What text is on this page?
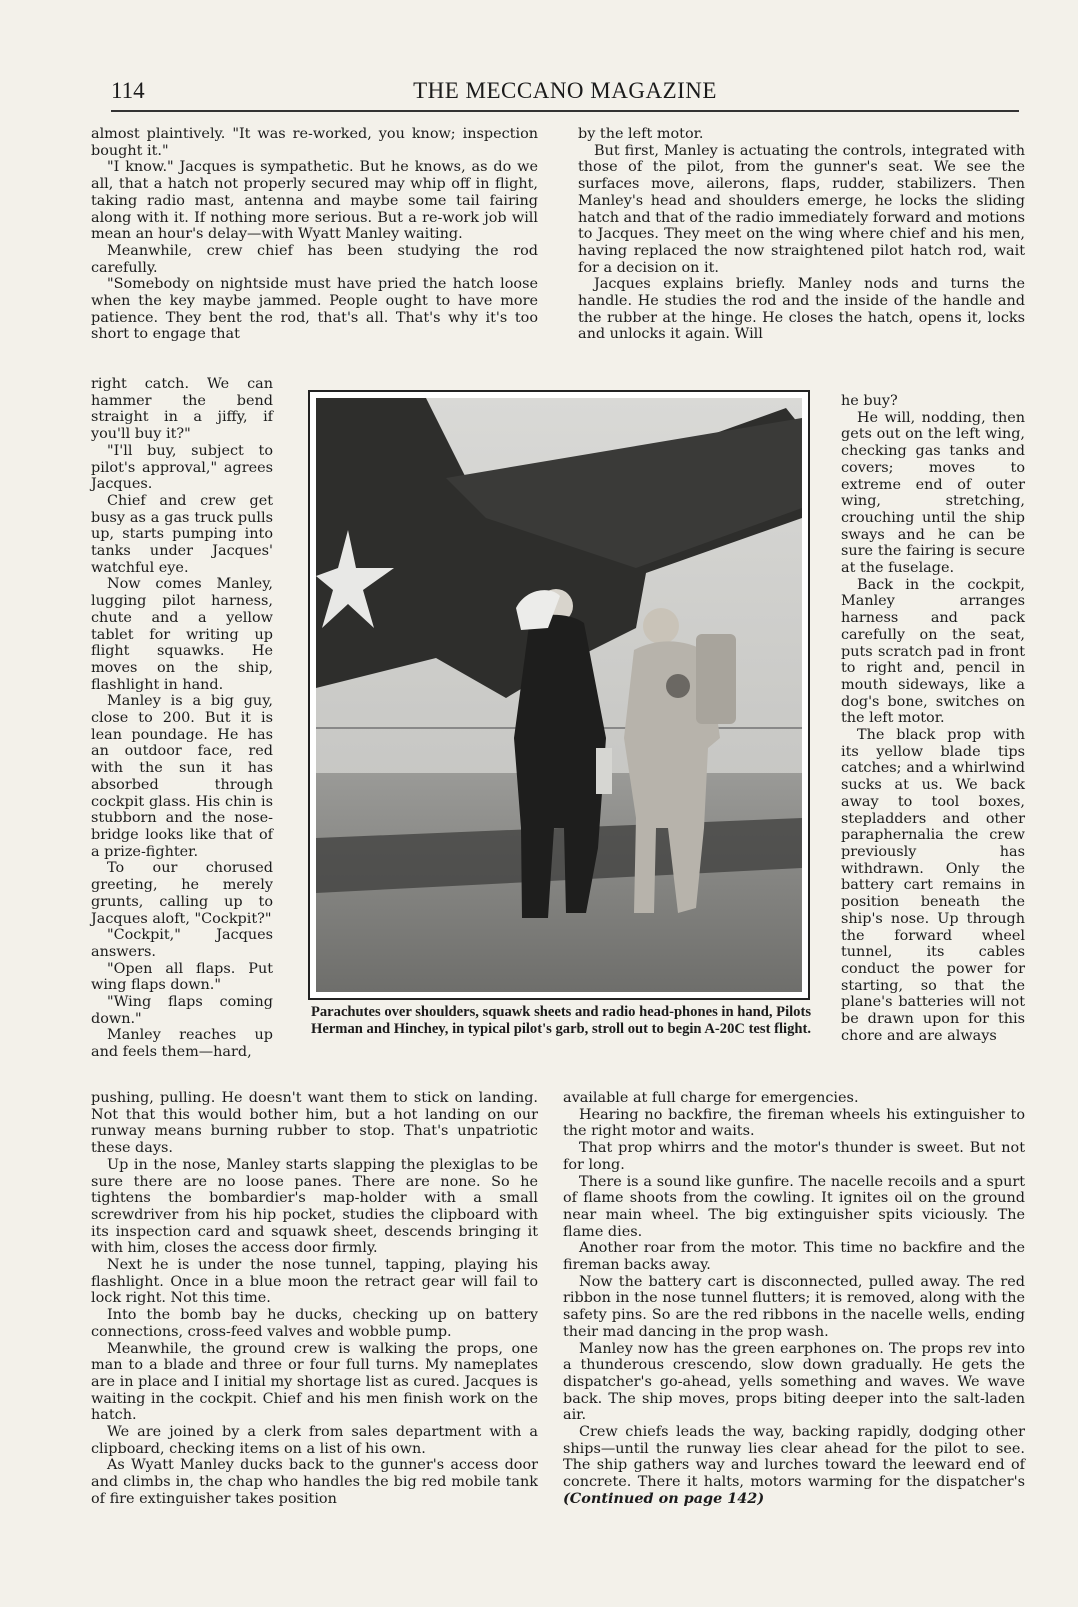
114	THE MECCANO MAGAZINE

almost plaintively. "It was re-worked, you know; inspection bought it."

"I know." Jacques is sympathetic. But he knows, as do we all, that a hatch not properly secured may whip off in flight, taking radio mast, antenna and maybe some tail fairing along with it. If nothing more serious. But a re-work job will mean an hour's delay—with Wyatt Manley waiting.

Meanwhile, crew chief has been studying the rod carefully.

"Somebody on nightside must have pried the hatch loose when the key maybe jammed. People ought to have more patience. They bent the rod, that's all. That's why it's too short to engage that

right catch. We can hammer the bend straight in a jiffy, if you'll buy it?"

"I'll buy, subject to pilot's approval," agrees Jacques.

Chief and crew get busy as a gas truck pulls up, starts pumping into tanks under Jacques' watchful eye.

Now comes Manley, lugging pilot harness, chute and a yellow tablet for writing up flight squawks. He moves on the ship, flashlight in hand.

Manley is a big guy, close to 200. But it is lean poundage. He has an outdoor face, red with the sun it has absorbed through cockpit glass. His chin is stubborn and the nose-bridge looks like that of a prize-fighter.

To our chorused greeting, he merely grunts, calling up to Jacques aloft, "Cockpit?"

"Cockpit," Jacques answers.

"Open all flaps. Put wing flaps down."

"Wing flaps coming down."

Manley reaches up and feels them—hard,

Parachutes over shoulders, squawk sheets and radio head-phones in hand, Pilots Herman and Hinchey, in typical pilot's garb, stroll out to begin A-20C test flight.

pushing, pulling. He doesn't want them to stick on landing. Not that this would bother him, but a hot landing on our runway means burning rubber to stop. That's unpatriotic these days.

Up in the nose, Manley starts slapping the plexiglas to be sure there are no loose panes. There are none. So he tightens the bombardier's map-holder with a small screwdriver from his hip pocket, studies the clipboard with its inspection card and squawk sheet, descends bringing it with him, closes the access door firmly.

Next he is under the nose tunnel, tapping, playing his flashlight. Once in a blue moon the retract gear will fail to lock right. Not this time.

Into the bomb bay he ducks, checking up on battery connections, cross-feed valves and wobble pump.

Meanwhile, the ground crew is walking the props, one man to a blade and three or four full turns. My nameplates are in place and I initial my shortage list as cured. Jacques is waiting in the cockpit. Chief and his men finish work on the hatch.

We are joined by a clerk from sales department with a clipboard, checking items on a list of his own.

As Wyatt Manley ducks back to the gunner's access door and climbs in, the chap who handles the big red mobile tank of fire extinguisher takes position

by the left motor.

But first, Manley is actuating the controls, integrated with those of the pilot, from the gunner's seat. We see the surfaces move, ailerons, flaps, rudder, stabilizers. Then Manley's head and shoulders emerge, he locks the sliding hatch and that of the radio immediately forward and motions to Jacques. They meet on the wing where chief and his men, having replaced the now straightened pilot hatch rod, wait for a decision on it.

Jacques explains briefly. Manley nods and turns the handle. He studies the rod and the inside of the handle and the rubber at the hinge. He closes the hatch, opens it, locks and unlocks it again. Will

he buy?

He will, nodding, then gets out on the left wing, checking gas tanks and covers; moves to extreme end of outer wing, stretching, crouching until the ship sways and he can be sure the fairing is secure at the fuselage.

Back in the cockpit, Manley arranges harness and pack carefully on the seat, puts scratch pad in front to right and, pencil in mouth sideways, like a dog's bone, switches on the left motor.

The black prop with its yellow blade tips catches; and a whirlwind sucks at us. We back away to tool boxes, stepladders and other paraphernalia the crew previously has withdrawn. Only the battery cart remains in position beneath the ship's nose. Up through the forward wheel tunnel, its cables conduct the power for starting, so that the plane's batteries will not be drawn upon for this chore and are always

available at full charge for emergencies.

Hearing no backfire, the fireman wheels his extinguisher to the right motor and waits.

That prop whirrs and the motor's thunder is sweet. But not for long.

There is a sound like gunfire. The nacelle recoils and a spurt of flame shoots from the cowling. It ignites oil on the ground near main wheel. The big extinguisher spits viciously. The flame dies.

Another roar from the motor. This time no backfire and the fireman backs away.

Now the battery cart is disconnected, pulled away. The red ribbon in the nose tunnel flutters; it is removed, along with the safety pins. So are the red ribbons in the nacelle wells, ending their mad dancing in the prop wash.

Manley now has the green earphones on. The props rev into a thunderous crescendo, slow down gradually. He gets the dispatcher's go-ahead, yells something and waves. We wave back. The ship moves, props biting deeper into the salt-laden air.

Crew chiefs leads the way, backing rapidly, dodging other ships—until the runway lies clear ahead for the pilot to see. The ship gathers way and lurches toward the leeward end of concrete. There it halts, motors warming for the dispatcher's (Continued on page 142)
